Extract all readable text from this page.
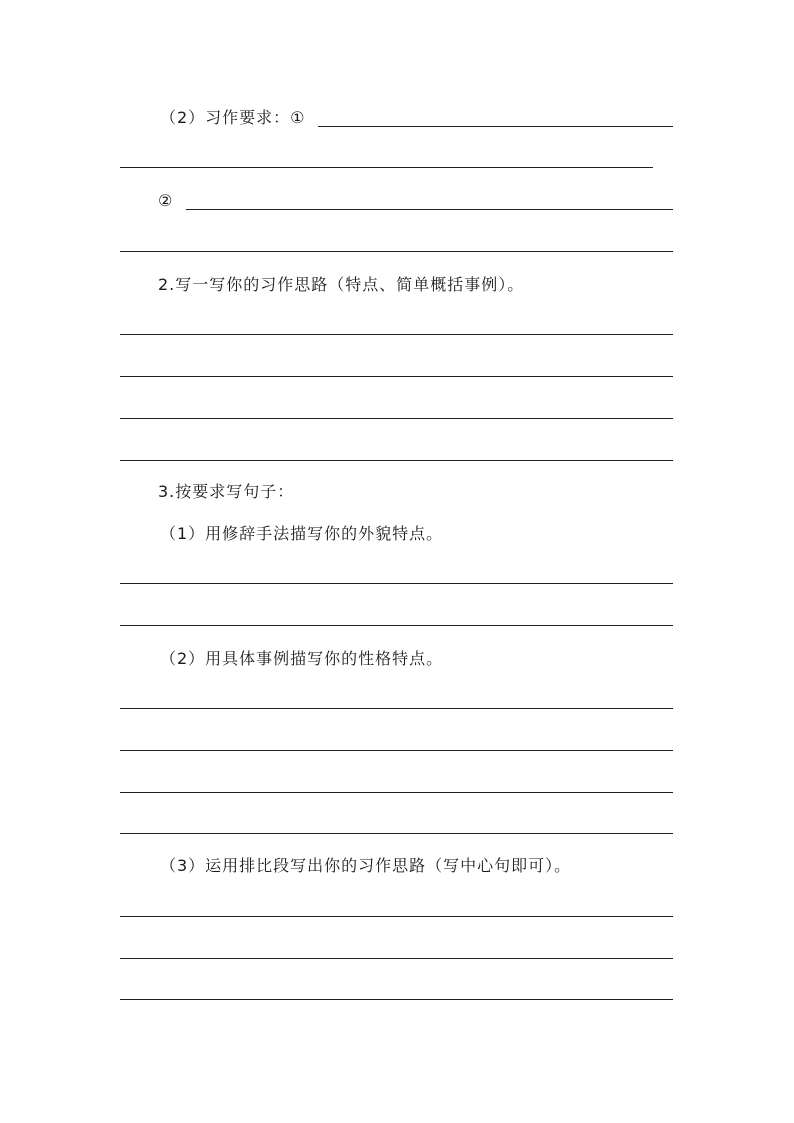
（2）习作要求：①
②
2.写一写你的习作思路（特点、简单概括事例）。
3.按要求写句子：
（1）用修辞手法描写你的外貌特点。
（2）用具体事例描写你的性格特点。
（3）运用排比段写出你的习作思路（写中心句即可）。
